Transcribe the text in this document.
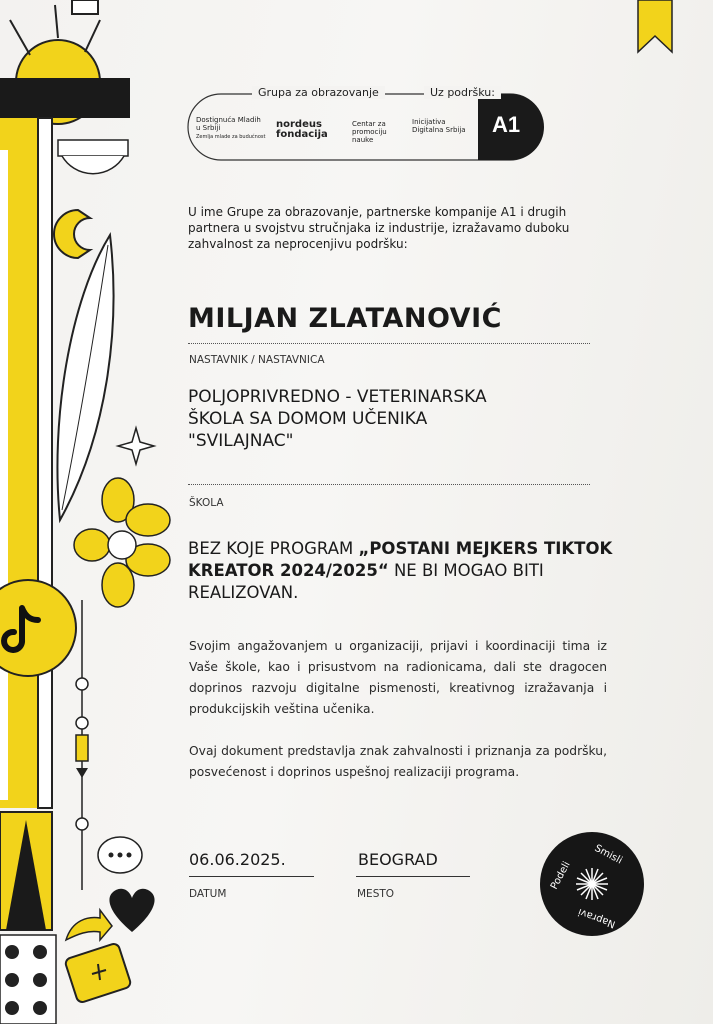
Grupa za obrazovanje	Uz podršku:
Dostignuća Mladih u Srbiji
Zemlja mlade za budućnost
nordeus fondacija
Centar za promociju nauke
Inicijativa Digitalna Srbija A1
U ime Grupe za obrazovanje, partnerske kompanije A1 i drugih partnera u svojstvu stručnjaka iz industrije, izražavamo duboku zahvalnost za neprocenjivu podršku:
MILJAN ZLATANOVIĆ
NASTAVNIK / NASTAVNICA
POLJOPRIVREDNO - VETERINARSKA
ŠKOLA SA DOMOM UČENIKA
"SVILAJNAC"
ŠKOLA
BEZ KOJE PROGRAM „POSTANI MEJKERS TIKTOK KREATOR 2024/2025“ NE BI MOGAO BITI REALIZOVAN.
Svojim angažovanjem u organizaciji, prijavi i koordinaciji tima iz Vaše škole, kao i prisustvom na radionicama, dali ste dragocen doprinos razvoju digitalne pismenosti, kreativnog izražavanja i produkcijskih veština učenika.
Ovaj dokument predstavlja znak zahvalnosti i priznanja za podršku, posvećenost i doprinos uspešnoj realizaciji programa.
06.06.2025.
DATUM
BEOGRAD
MESTO
Podeli
Smisli
Napravi
